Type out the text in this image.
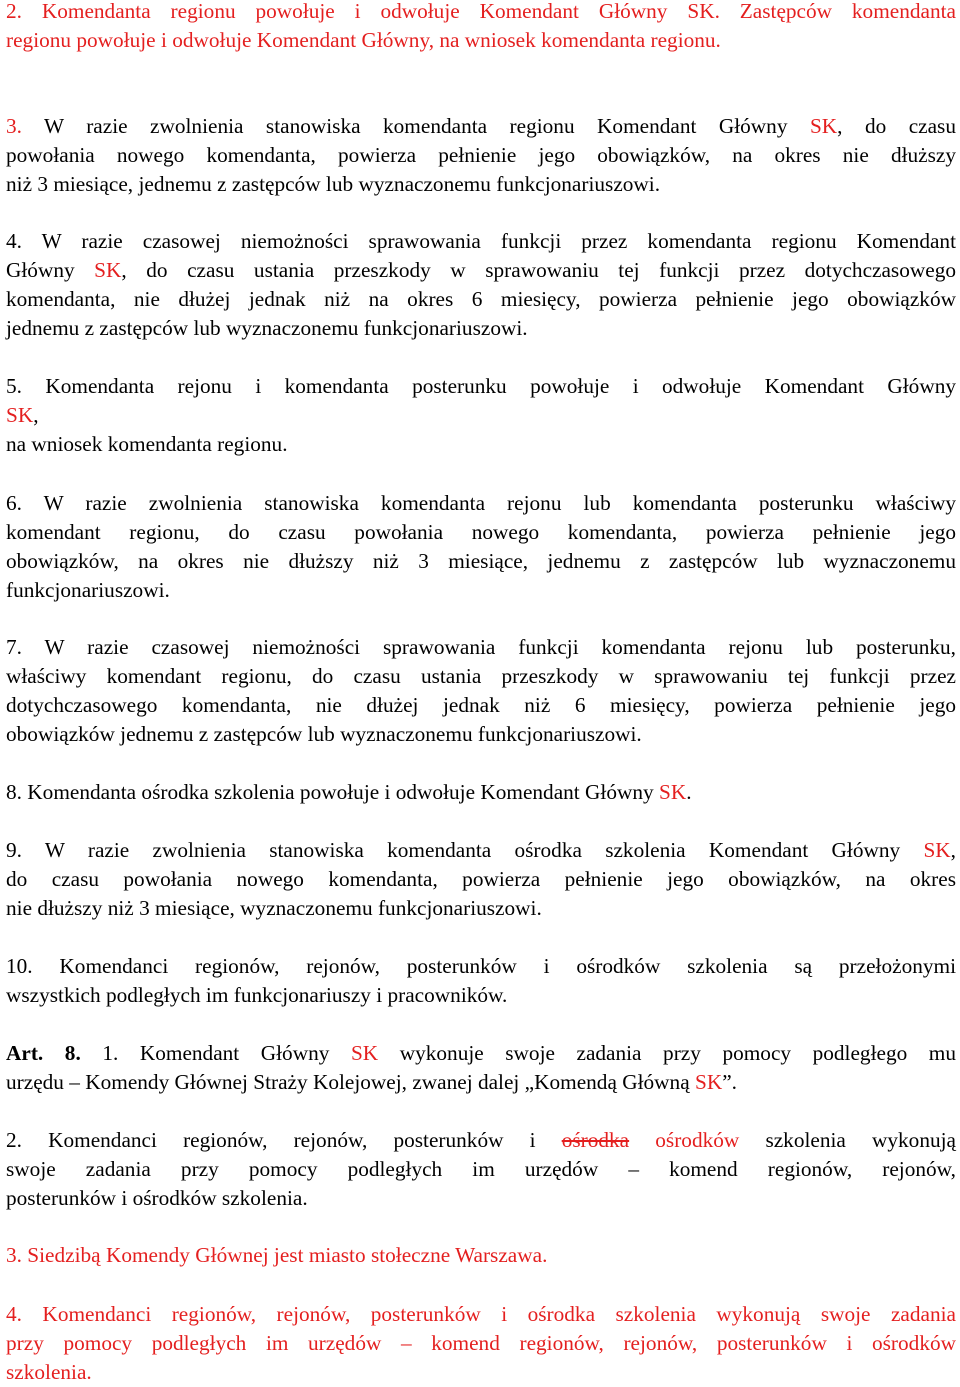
2. Komendanta regionu powołuje i odwołuje Komendant Główny SK. Zastępców komendanta
regionu powołuje i odwołuje Komendant Główny, na wniosek komendanta regionu.
3. W razie zwolnienia stanowiska komendanta regionu Komendant Główny SK, do czasu
powołania nowego komendanta, powierza pełnienie jego obowiązków, na okres nie dłuższy
niż 3 miesiące, jednemu z zastępców lub wyznaczonemu funkcjonariuszowi.
4. W razie czasowej niemożności sprawowania funkcji przez komendanta regionu Komendant
Główny SK, do czasu ustania przeszkody w sprawowaniu tej funkcji przez dotychczasowego
komendanta, nie dłużej jednak niż na okres 6 miesięcy, powierza pełnienie jego obowiązków
jednemu z zastępców lub wyznaczonemu funkcjonariuszowi.
5. Komendanta rejonu i komendanta posterunku powołuje i odwołuje Komendant Główny
SK,
na wniosek komendanta regionu.
6. W razie zwolnienia stanowiska komendanta rejonu lub komendanta posterunku właściwy
komendant regionu, do czasu powołania nowego komendanta, powierza pełnienie jego
obowiązków, na okres nie dłuższy niż 3 miesiące, jednemu z zastępców lub wyznaczonemu
funkcjonariuszowi.
7. W razie czasowej niemożności sprawowania funkcji komendanta rejonu lub posterunku,
właściwy komendant regionu, do czasu ustania przeszkody w sprawowaniu tej funkcji przez
dotychczasowego komendanta, nie dłużej jednak niż 6 miesięcy, powierza pełnienie jego
obowiązków jednemu z zastępców lub wyznaczonemu funkcjonariuszowi.
8. Komendanta ośrodka szkolenia powołuje i odwołuje Komendant Główny SK.
9. W razie zwolnienia stanowiska komendanta ośrodka szkolenia Komendant Główny SK,
do czasu powołania nowego komendanta, powierza pełnienie jego obowiązków, na okres
nie dłuższy niż 3 miesiące, wyznaczonemu funkcjonariuszowi.
10. Komendanci regionów, rejonów, posterunków i ośrodków szkolenia są przełożonymi
wszystkich podległych im funkcjonariuszy i pracowników.
Art. 8. 1. Komendant Główny SK wykonuje swoje zadania przy pomocy podległego mu
urzędu – Komendy Głównej Straży Kolejowej, zwanej dalej „Komendą Główną SK”.
2. Komendanci regionów, rejonów, posterunków i ośrodka ośrodków szkolenia wykonują
swoje zadania przy pomocy podległych im urzędów – komend regionów, rejonów,
posterunków i ośrodków szkolenia.
3. Siedzibą Komendy Głównej jest miasto stołeczne Warszawa.
4. Komendanci regionów, rejonów, posterunków i ośrodka szkolenia wykonują swoje zadania
przy pomocy podległych im urzędów – komend regionów, rejonów, posterunków i ośrodków
szkolenia.
